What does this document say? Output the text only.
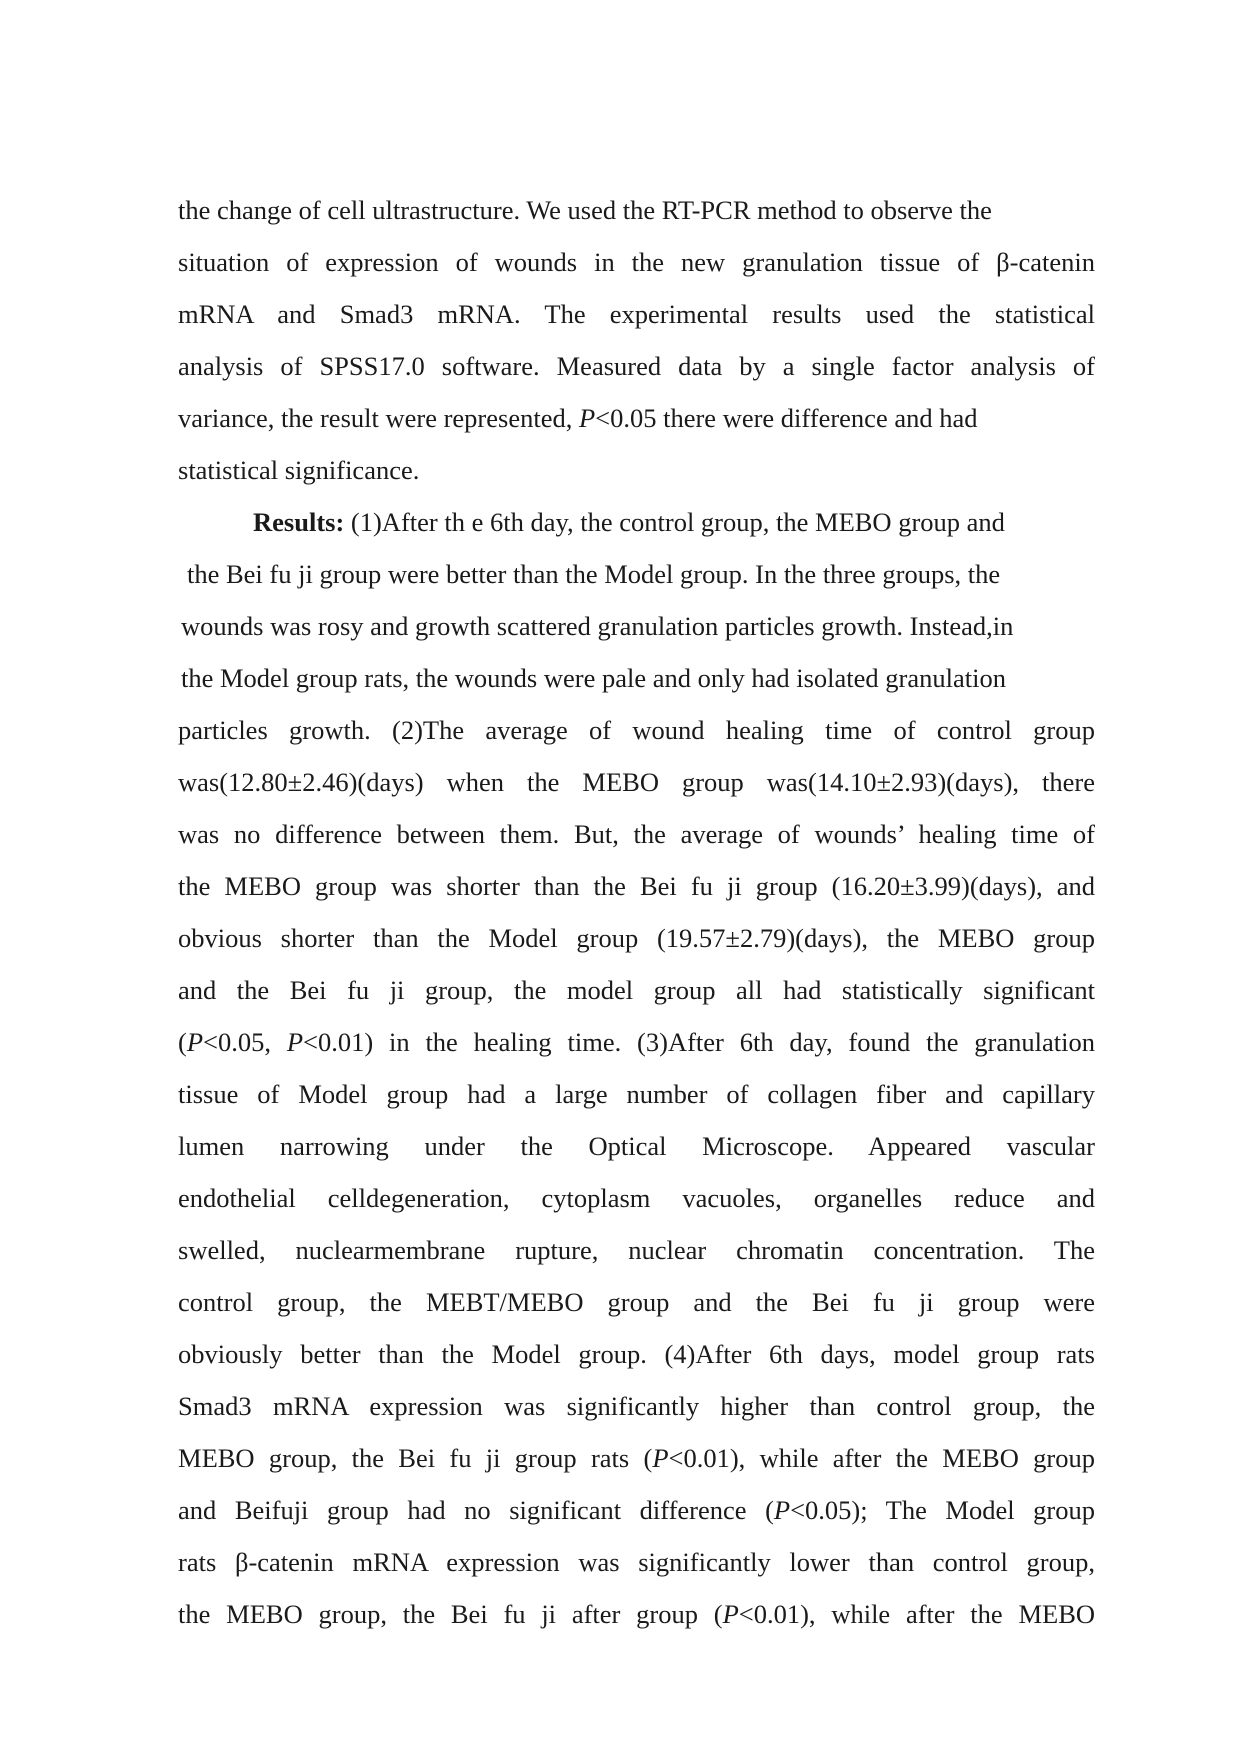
the change of cell ultrastructure. We used the RT-PCR method to observe the
situation of expression of wounds in the new granulation tissue of β-catenin
mRNA and Smad3 mRNA. The experimental results used the statistical
analysis of SPSS17.0 software. Measured data by a single factor analysis of
variance, the result were represented, P<0.05 there were difference and had
statistical significance.
Results: (1)After th e 6th day, the control group, the MEBO group and
the Bei fu ji group were better than the Model group. In the three groups, the
wounds was rosy and growth scattered granulation particles growth. Instead,in
the Model group rats, the wounds were pale and only had isolated granulation
particles growth. (2)The average of wound healing time of control group
was(12.80±2.46)(days) when the MEBO group was(14.10±2.93)(days), there
was no difference between them. But, the average of wounds’ healing time of
the MEBO group was shorter than the Bei fu ji group (16.20±3.99)(days), and
obvious shorter than the Model group (19.57±2.79)(days), the MEBO group
and the Bei fu ji group, the model group all had statistically significant
(P<0.05, P<0.01) in the healing time. (3)After 6th day, found the granulation
tissue of Model group had a large number of collagen fiber and capillary
lumen narrowing under the Optical Microscope. Appeared vascular
endothelial celldegeneration, cytoplasm vacuoles, organelles reduce and
swelled, nuclearmembrane rupture, nuclear chromatin concentration. The
control group, the MEBT/MEBO group and the Bei fu ji group were
obviously better than the Model group. (4)After 6th days, model group rats
Smad3 mRNA expression was significantly higher than control group, the
MEBO group, the Bei fu ji group rats (P<0.01), while after the MEBO group
and Beifuji group had no significant difference (P<0.05); The Model group
rats β-catenin mRNA expression was significantly lower than control group,
the MEBO group, the Bei fu ji after group (P<0.01), while after the MEBO
